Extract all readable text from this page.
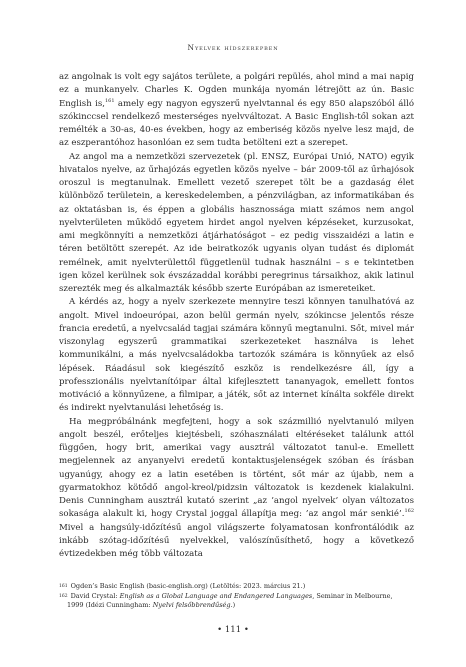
Nyelvek hídszerepben

az angolnak is volt egy sajátos területe, a polgári repülés, ahol mind a mai napig ez a munkanyelv. Charles K. Ogden munkája nyomán létrejött az ún. Basic English is,$^{161}$ amely egy nagyon egyszerű nyelvtannal és egy 850 alapszóból álló szókinccsel rendelkező mesterséges nyelvváltozat. A Basic English-től sokan azt remélték a 30-as, 40-es években, hogy az emberiség közös nyelve lesz majd, de az eszperantóhoz hasonlóan ez sem tudta betölteni ezt a szerepet.

Az angol ma a nemzetközi szervezetek (pl. ENSZ, Európai Unió, NATO) egyik hivatalos nyelve, az űrhajózás egyetlen közös nyelve – bár 2009-től az űrhajósok oroszul is megtanulnak. Emellett vezető szerepet tölt be a gazdaság élet különböző területein, a kereskedelemben, a pénzvilágban, az informatikában és az oktatásban is, és éppen a globális hasznossága miatt számos nem angol nyelvterületen működő egyetem hirdet angol nyelven képzéseket, kurzusokat, ami megkönnyíti a nemzetközi átjárhatóságot – ez pedig visszaidézi a latin e téren betöltött szerepét. Az ide beiratkozók ugyanis olyan tudást és diplomát remélnek, amit nyelvterülettől függetlenül tudnak használni – s e tekintetben igen közel kerülnek sok évszázaddal korábbi peregrinus társaikhoz, akik latinul szerezték meg és alkalmazták később szerte Európában az ismereteiket.

A kérdés az, hogy a nyelv szerkezete mennyire teszi könnyen tanulhatóvá az angolt. Mivel indoeurópai, azon belül germán nyelv, szókincse jelentős része francia eredetű, a nyelvcsalád tagjai számára könnyű megtanulni. Sőt, mivel már viszonylag egyszerű grammatikai szerkezeteket használva is lehet kommunikálni, a más nyelvcsaládokba tartozók számára is könnyűek az első lépések. Ráadásul sok kiegészítő eszköz is rendelkezésre áll, így a professzionális nyelvtanítóipar által kifejlesztett tananyagok, emellett fontos motiváció a könnyűzene, a filmipar, a játék, sőt az internet kínálta sokféle direkt és indirekt nyelvtanulási lehetőség is.

Ha megpróbálnánk megfejteni, hogy a sok százmillió nyelvtanuló milyen angolt beszél, erőteljes kiejtésbeli, szóhasználati eltéréseket találunk attól függően, hogy brit, amerikai vagy ausztrál változatot tanul-e. Emellett megjelennek az anyanyelvi eredetű kontaktusjelenségek szóban és írásban ugyanúgy, ahogy ez a latin esetében is történt, sőt már az újabb, nem a gyarmatokhoz kötődő angol-kreol/pidzsin változatok is kezdenek kialakulni. Denis Cunningham ausztrál kutató szerint „az ’angol nyelvek’ olyan változatos sokasága alakult ki, hogy Crystal joggal állapítja meg: ’az angol már senkié’.$^{162}$ Mivel a hangsúly-időzítésű angol világszerte folyamatosan konfrontálódik az inkább szótag-időzítésű nyelvekkel, valószínűsíthető, hogy a következő évtizedekben még több változata

161 Ogden’s Basic English (basic-english.org) (Letöltés: 2023. március 21.)
162 David Crystal: English as a Global Language and Endangered Languages, Seminar in Melbourne,
1999 (Idézi Cunningham: Nyelvi felsőbbrendűség.)
• 111 •
